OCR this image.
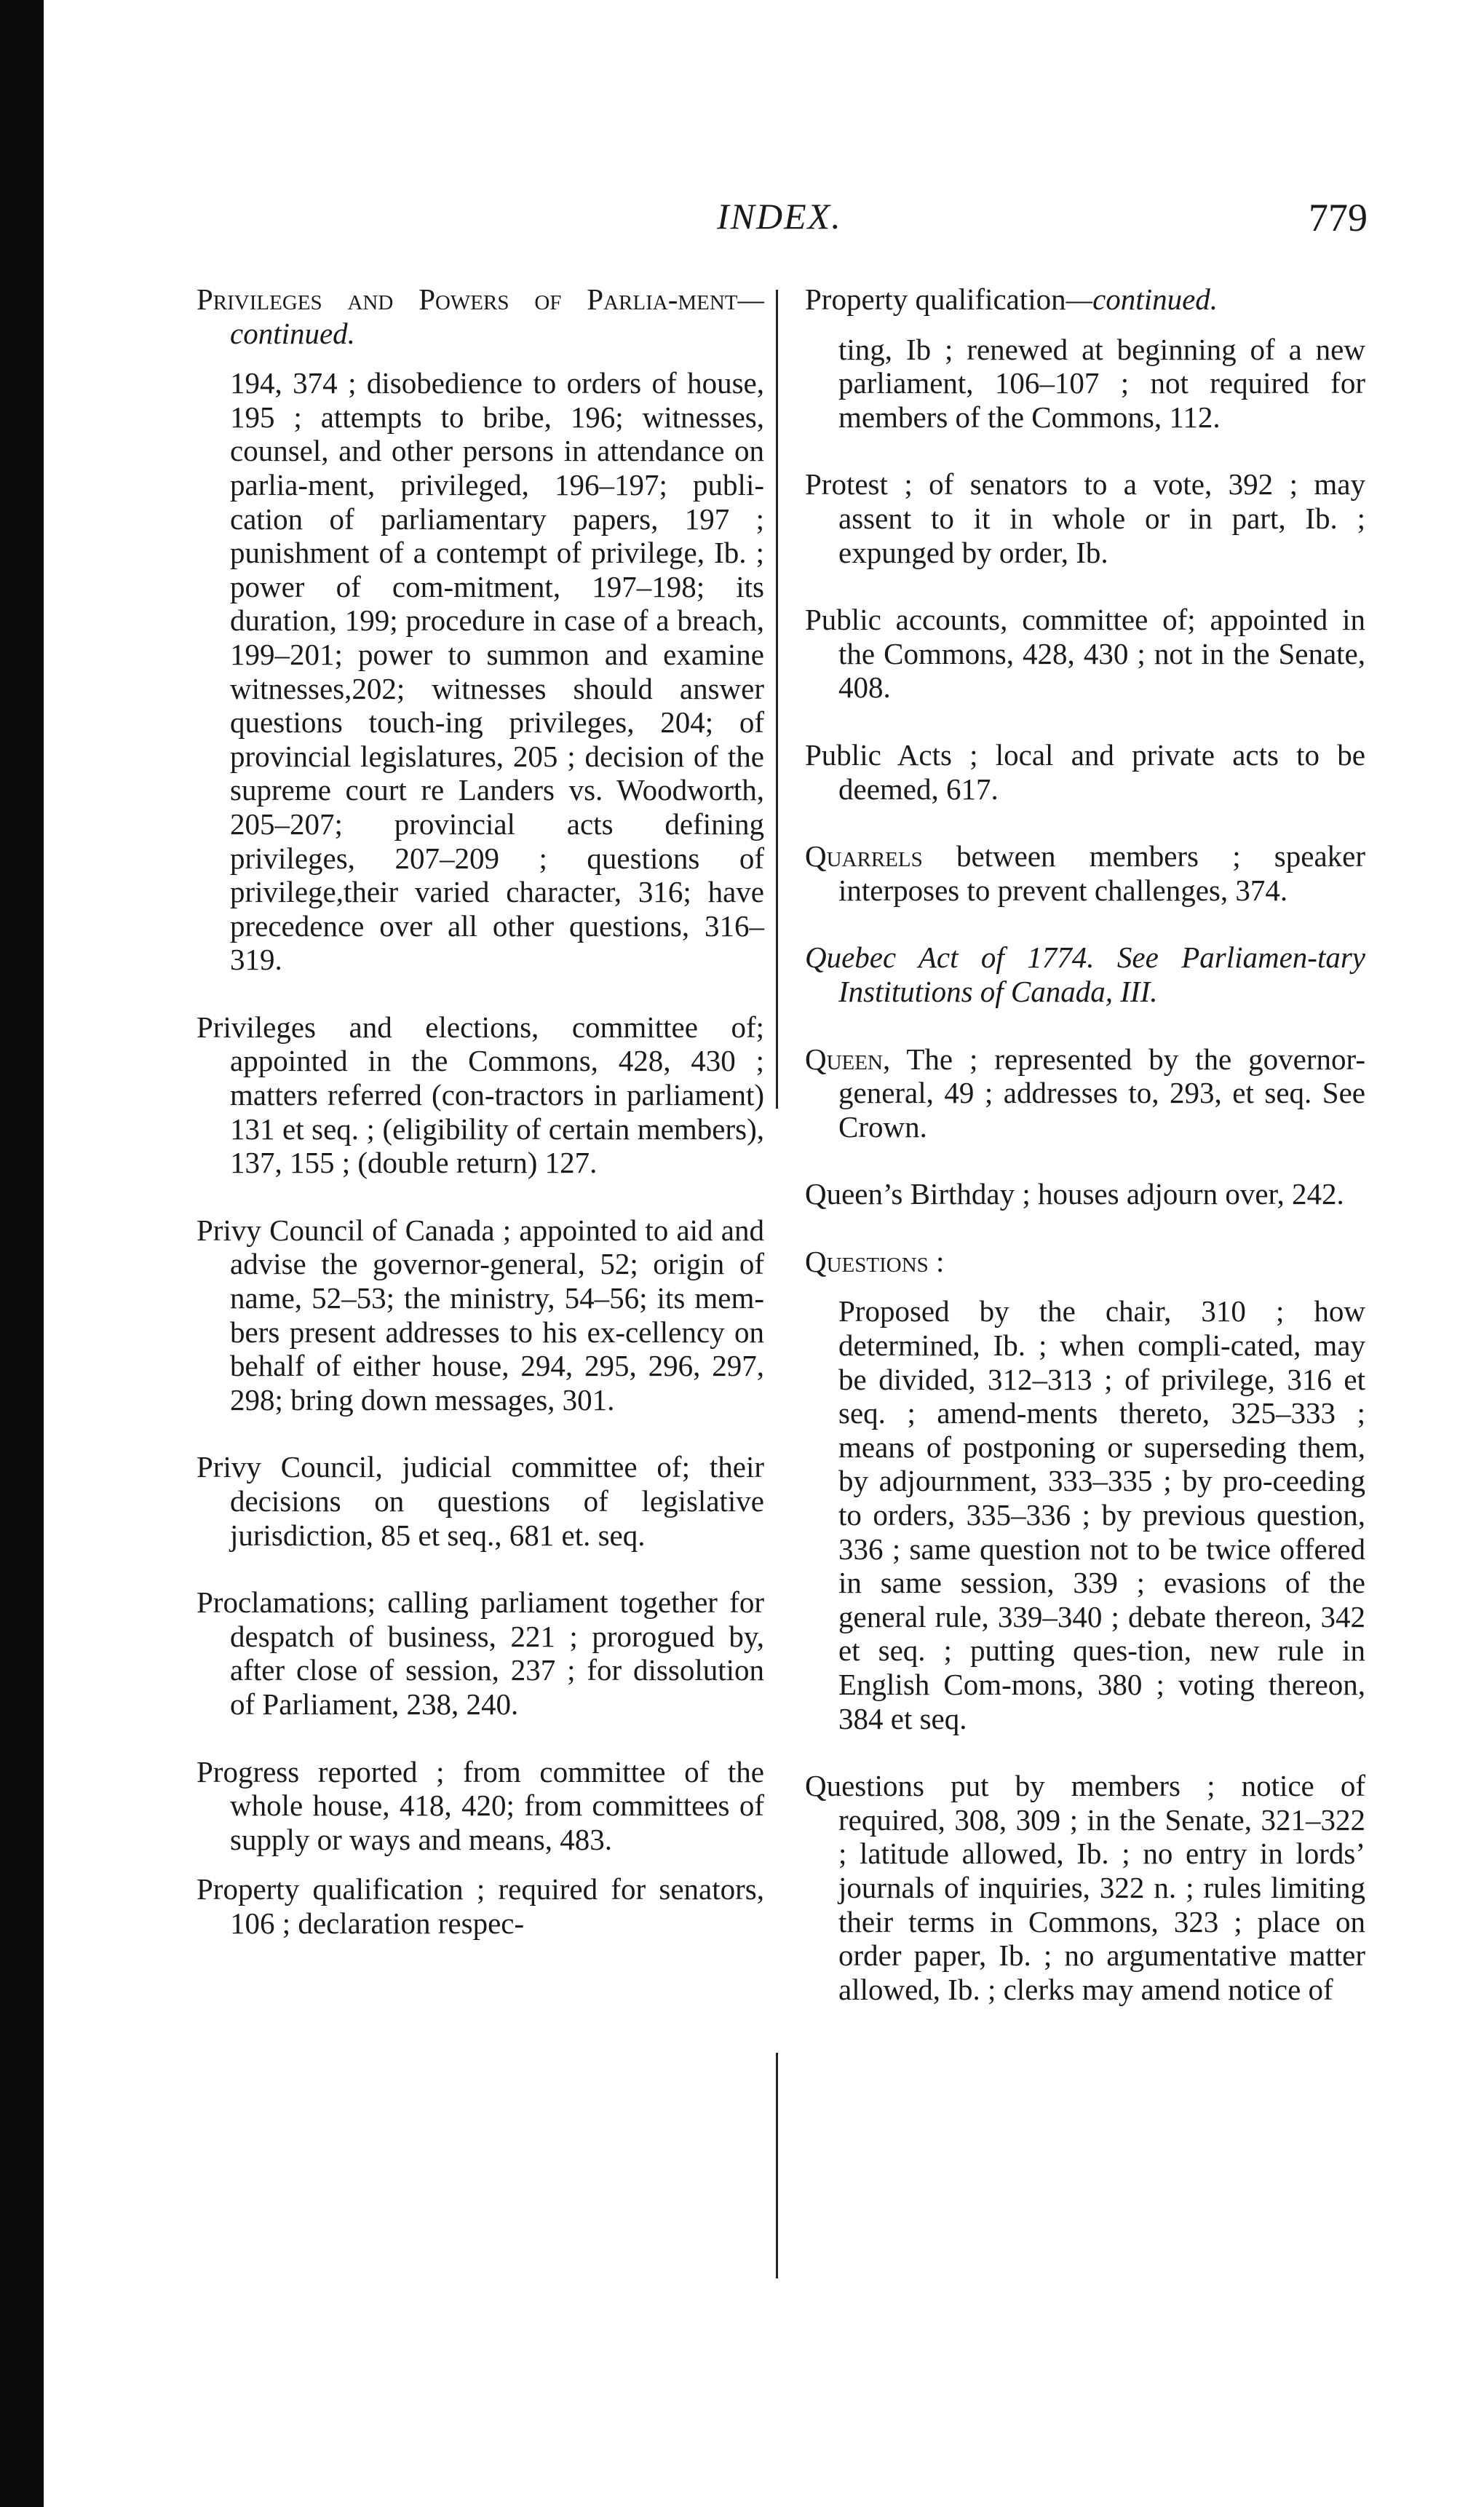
INDEX.	779
Privileges and Powers of Parlia-ment—continued.
194, 374 ; disobedience to orders of house, 195 ; attempts to bribe, 196; witnesses, counsel, and other persons in attendance on parlia-ment, privileged, 196–197; publi-cation of parliamentary papers, 197 ; punishment of a contempt of privilege, Ib. ; power of com-mitment, 197–198; its duration, 199; procedure in case of a breach, 199–201; power to summon and examine witnesses,202; witnesses should answer questions touch-ing privileges, 204; of provincial legislatures, 205 ; decision of the supreme court re Landers vs. Woodworth, 205–207; provincial acts defining privileges, 207–209 ; questions of privilege,their varied character, 316; have precedence over all other questions, 316–319.
Privileges and elections, committee of; appointed in the Commons, 428, 430 ; matters referred (con-tractors in parliament) 131 et seq. ; (eligibility of certain members), 137, 155 ; (double return) 127.
Privy Council of Canada ; appointed to aid and advise the governor-general, 52; origin of name, 52–53; the ministry, 54–56; its mem-bers present addresses to his ex-cellency on behalf of either house, 294, 295, 296, 297, 298; bring down messages, 301.
Privy Council, judicial committee of; their decisions on questions of legislative jurisdiction, 85 et seq., 681 et. seq.
Proclamations; calling parliament together for despatch of business, 221 ; prorogued by, after close of session, 237 ; for dissolution of Parliament, 238, 240.
Progress reported ; from committee of the whole house, 418, 420; from committees of supply or ways and means, 483.
Property qualification ; required for senators, 106 ; declaration respec-
Property qualification—continued.
ting, Ib ; renewed at beginning of a new parliament, 106–107 ; not required for members of the Commons, 112.
Protest ; of senators to a vote, 392 ; may assent to it in whole or in part, Ib. ; expunged by order, Ib.
Public accounts, committee of; appointed in the Commons, 428, 430 ; not in the Senate, 408.
Public Acts ; local and private acts to be deemed, 617.
Quarrels between members ; speaker interposes to prevent challenges, 374.
Quebec Act of 1774. See Parliamen-tary Institutions of Canada, III.
Queen, The ; represented by the governor-general, 49 ; addresses to, 293, et seq. See Crown.
Queen’s Birthday ; houses adjourn over, 242.
Questions :
Proposed by the chair, 310 ; how determined, Ib. ; when compli-cated, may be divided, 312–313 ; of privilege, 316 et seq. ; amend-ments thereto, 325–333 ; means of postponing or superseding them, by adjournment, 333–335 ; by pro-ceeding to orders, 335–336 ; by previous question, 336 ; same question not to be twice offered in same session, 339 ; evasions of the general rule, 339–340 ; debate thereon, 342 et seq. ; putting ques-tion, new rule in English Com-mons, 380 ; voting thereon, 384 et seq.
Questions put by members ; notice of required, 308, 309 ; in the Senate, 321–322 ; latitude allowed, Ib. ; no entry in lords’ journals of inquiries, 322 n. ; rules limiting their terms in Commons, 323 ; place on order paper, Ib. ; no argumentative matter allowed, Ib. ; clerks may amend notice of
